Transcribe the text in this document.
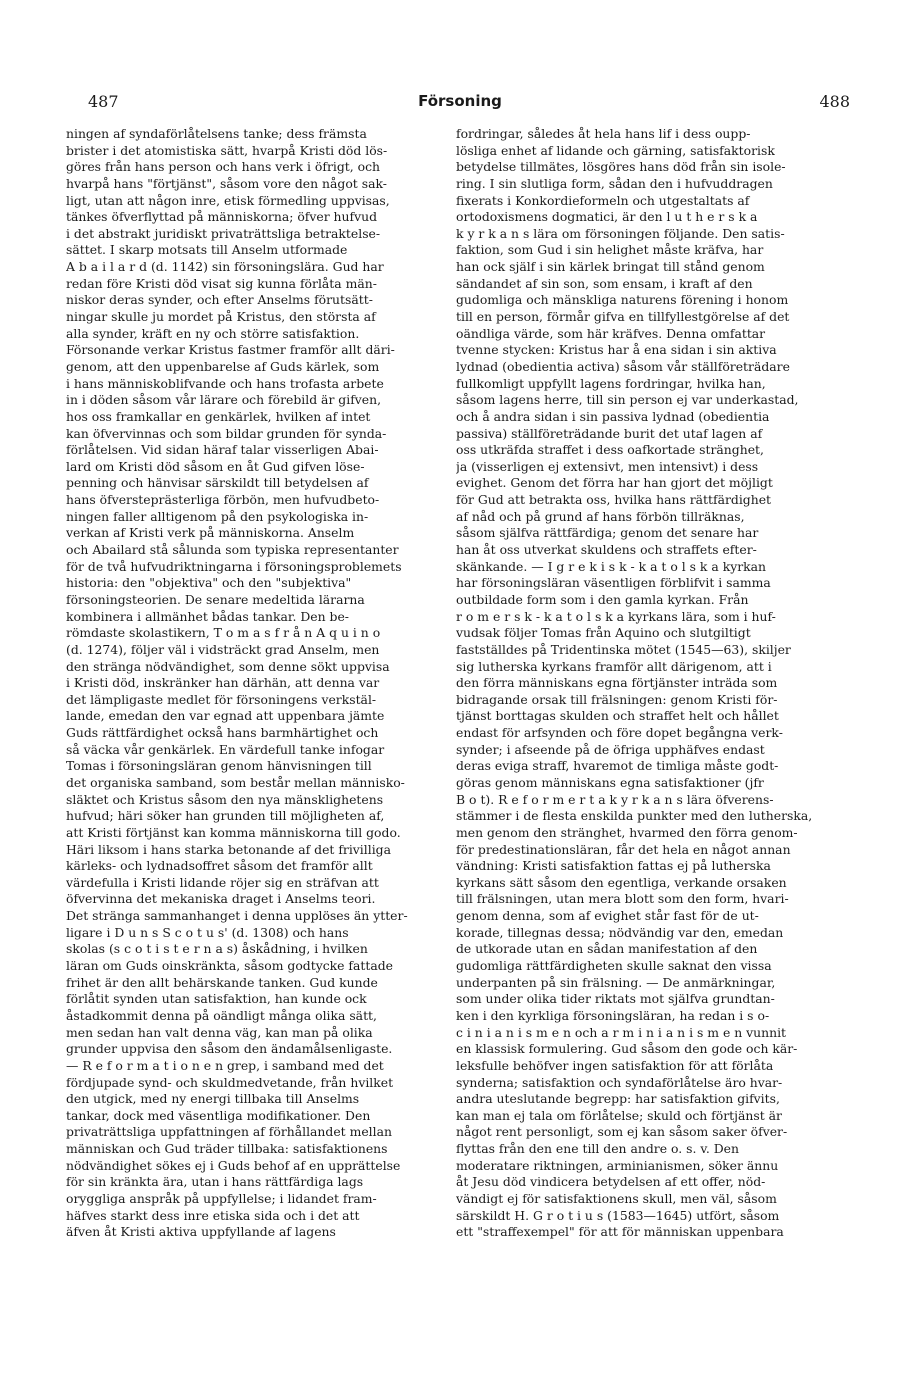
487	Försoning	488
ningen af syndaförlåtelsens tanke; dess främsta
brister i det atomistiska sätt, hvarpå Kristi död lös-
göres från hans person och hans verk i öfrigt, och
hvarpå hans "förtjänst", såsom vore den något sak-
ligt, utan att någon inre, etisk förmedling uppvisas,
tänkes öfverflyttad på människorna; öfver hufvud
i det abstrakt juridiskt privaträttsliga betraktelse-
sättet. I skarp motsats till Anselm utformade
A b a i l a r d (d. 1142) sin försoningslära. Gud har
redan före Kristi död visat sig kunna förlåta män-
niskor deras synder, och efter Anselms förutsätt-
ningar skulle ju mordet på Kristus, den största af
alla synder, kräft en ny och större satisfaktion.
Försonande verkar Kristus fastmer framför allt däri-
genom, att den uppenbarelse af Guds kärlek, som
i hans människoblifvande och hans trofasta arbete
in i döden såsom vår lärare och förebild är gifven,
hos oss framkallar en genkärlek, hvilken af intet
kan öfvervinnas och som bildar grunden för synda-
förlåtelsen. Vid sidan häraf talar visserligen Abai-
lard om Kristi död såsom en åt Gud gifven löse-
penning och hänvisar särskildt till betydelsen af
hans öfversteprästerliga förbön, men hufvudbeto-
ningen faller alltigenom på den psykologiska in-
verkan af Kristi verk på människorna. Anselm
och Abailard stå sålunda som typiska representanter
för de två hufvudriktningarna i försoningsproblemets
historia: den "objektiva" och den "subjektiva"
försoningsteorien. De senare medeltida lärarna
kombinera i allmänhet bådas tankar. Den be-
römdaste skolastikern, T o m a s f r å n A q u i n o
(d. 1274), följer väl i vidsträckt grad Anselm, men
den stränga nödvändighet, som denne sökt uppvisa
i Kristi död, inskränker han därhän, att denna var
det lämpligaste medlet för försoningens verkstäl-
lande, emedan den var egnad att uppenbara jämte
Guds rättfärdighet också hans barmhärtighet och
så väcka vår genkärlek. En värdefull tanke infogar
Tomas i försoningsläran genom hänvisningen till
det organiska samband, som består mellan människo-
släktet och Kristus såsom den nya mänsklighetens
hufvud; häri söker han grunden till möjligheten af,
att Kristi förtjänst kan komma människorna till godo.
Häri liksom i hans starka betonande af det frivilliga
kärleks- och lydnadsoffret såsom det framför allt
värdefulla i Kristi lidande röjer sig en sträfvan att
öfvervinna det mekaniska draget i Anselms teori.
Det stränga sammanhanget i denna upplöses än ytter-
ligare i D u n s S c o t u s' (d. 1308) och hans
skolas (s c o t i s t e r n a s) åskådning, i hvilken
läran om Guds oinskränkta, såsom godtycke fattade
frihet är den allt behärskande tanken. Gud kunde
förlåtit synden utan satisfaktion, han kunde ock
åstadkommit denna på oändligt många olika sätt,
men sedan han valt denna väg, kan man på olika
grunder uppvisa den såsom den ändamålsenligaste.
— R e f o r m a t i o n e n grep, i samband med det
fördjupade synd- och skuldmedvetande, från hvilket
den utgick, med ny energi tillbaka till Anselms
tankar, dock med väsentliga modifikationer. Den
privaträttsliga uppfattningen af förhållandet mellan
människan och Gud träder tillbaka: satisfaktionens
nödvändighet sökes ej i Guds behof af en upprättelse
för sin kränkta ära, utan i hans rättfärdiga lags
oryggliga anspråk på uppfyllelse; i lidandet fram-
häfves starkt dess inre etiska sida och i det att
äfven åt Kristi aktiva uppfyllande af lagens
fordringar, således åt hela hans lif i dess oupp-
lösliga enhet af lidande och gärning, satisfaktorisk
betydelse tillmätes, lösgöres hans död från sin isole-
ring. I sin slutliga form, sådan den i hufvuddragen
fixerats i Konkordieformeln och utgestaltats af
ortodoxismens dogmatici, är den l u t h e r s k a
k y r k a n s lära om försoningen följande. Den satis-
faktion, som Gud i sin helighet måste kräfva, har
han ock själf i sin kärlek bringat till stånd genom
sändandet af sin son, som ensam, i kraft af den
gudomliga och mänskliga naturens förening i honom
till en person, förmår gifva en tillfyllestgörelse af det
oändliga värde, som här kräfves. Denna omfattar
tvenne stycken: Kristus har å ena sidan i sin aktiva
lydnad (obedientia activa) såsom vår ställföreträdare
fullkomligt uppfyllt lagens fordringar, hvilka han,
såsom lagens herre, till sin person ej var underkastad,
och å andra sidan i sin passiva lydnad (obedientia
passiva) ställföreträdande burit det utaf lagen af
oss utkräfda straffet i dess oafkortade stränghet,
ja (visserligen ej extensivt, men intensivt) i dess
evighet. Genom det förra har han gjort det möjligt
för Gud att betrakta oss, hvilka hans rättfärdighet
af nåd och på grund af hans förbön tillräknas,
såsom själfva rättfärdiga; genom det senare har
han åt oss utverkat skuldens och straffets efter-
skänkande. — I g r e k i s k - k a t o l s k a kyrkan
har försoningsläran väsentligen förblifvit i samma
outbildade form som i den gamla kyrkan. Från
r o m e r s k - k a t o l s k a kyrkans lära, som i huf-
vudsak följer Tomas från Aquino och slutgiltigt
fastställdes på Tridentinska mötet (1545—63), skiljer
sig lutherska kyrkans framför allt därigenom, att i
den förra människans egna förtjänster inträda som
bidragande orsak till frälsningen: genom Kristi för-
tjänst borttagas skulden och straffet helt och hållet
endast för arfsynden och före dopet begångna verk-
synder; i afseende på de öfriga upphäfves endast
deras eviga straff, hvaremot de timliga måste godt-
göras genom människans egna satisfaktioner (jfr
B o t). R e f o r m e r t a k y r k a n s lära öfverens-
stämmer i de flesta enskilda punkter med den lutherska,
men genom den stränghet, hvarmed den förra genom-
för predestinationsläran, får det hela en något annan
vändning: Kristi satisfaktion fattas ej på lutherska
kyrkans sätt såsom den egentliga, verkande orsaken
till frälsningen, utan mera blott som den form, hvari-
genom denna, som af evighet står fast för de ut-
korade, tillegnas dessa; nödvändig var den, emedan
de utkorade utan en sådan manifestation af den
gudomliga rättfärdigheten skulle saknat den vissa
underpanten på sin frälsning. — De anmärkningar,
som under olika tider riktats mot själfva grundtan-
ken i den kyrkliga försoningsläran, ha redan i s o-
c i n i a n i s m e n och a r m i n i a n i s m e n vunnit
en klassisk formulering. Gud såsom den gode och kär-
leksfulle behöfver ingen satisfaktion för att förlåta
synderna; satisfaktion och syndaförlåtelse äro hvar-
andra uteslutande begrepp: har satisfaktion gifvits,
kan man ej tala om förlåtelse; skuld och förtjänst är
något rent personligt, som ej kan såsom saker öfver-
flyttas från den ene till den andre o. s. v. Den
moderatare riktningen, arminianismen, söker ännu
åt Jesu död vindicera betydelsen af ett offer, nöd-
vändigt ej för satisfaktionens skull, men väl, såsom
särskildt H. G r o t i u s (1583—1645) utfört, såsom
ett "straffexempel" för att för människan uppenbara
